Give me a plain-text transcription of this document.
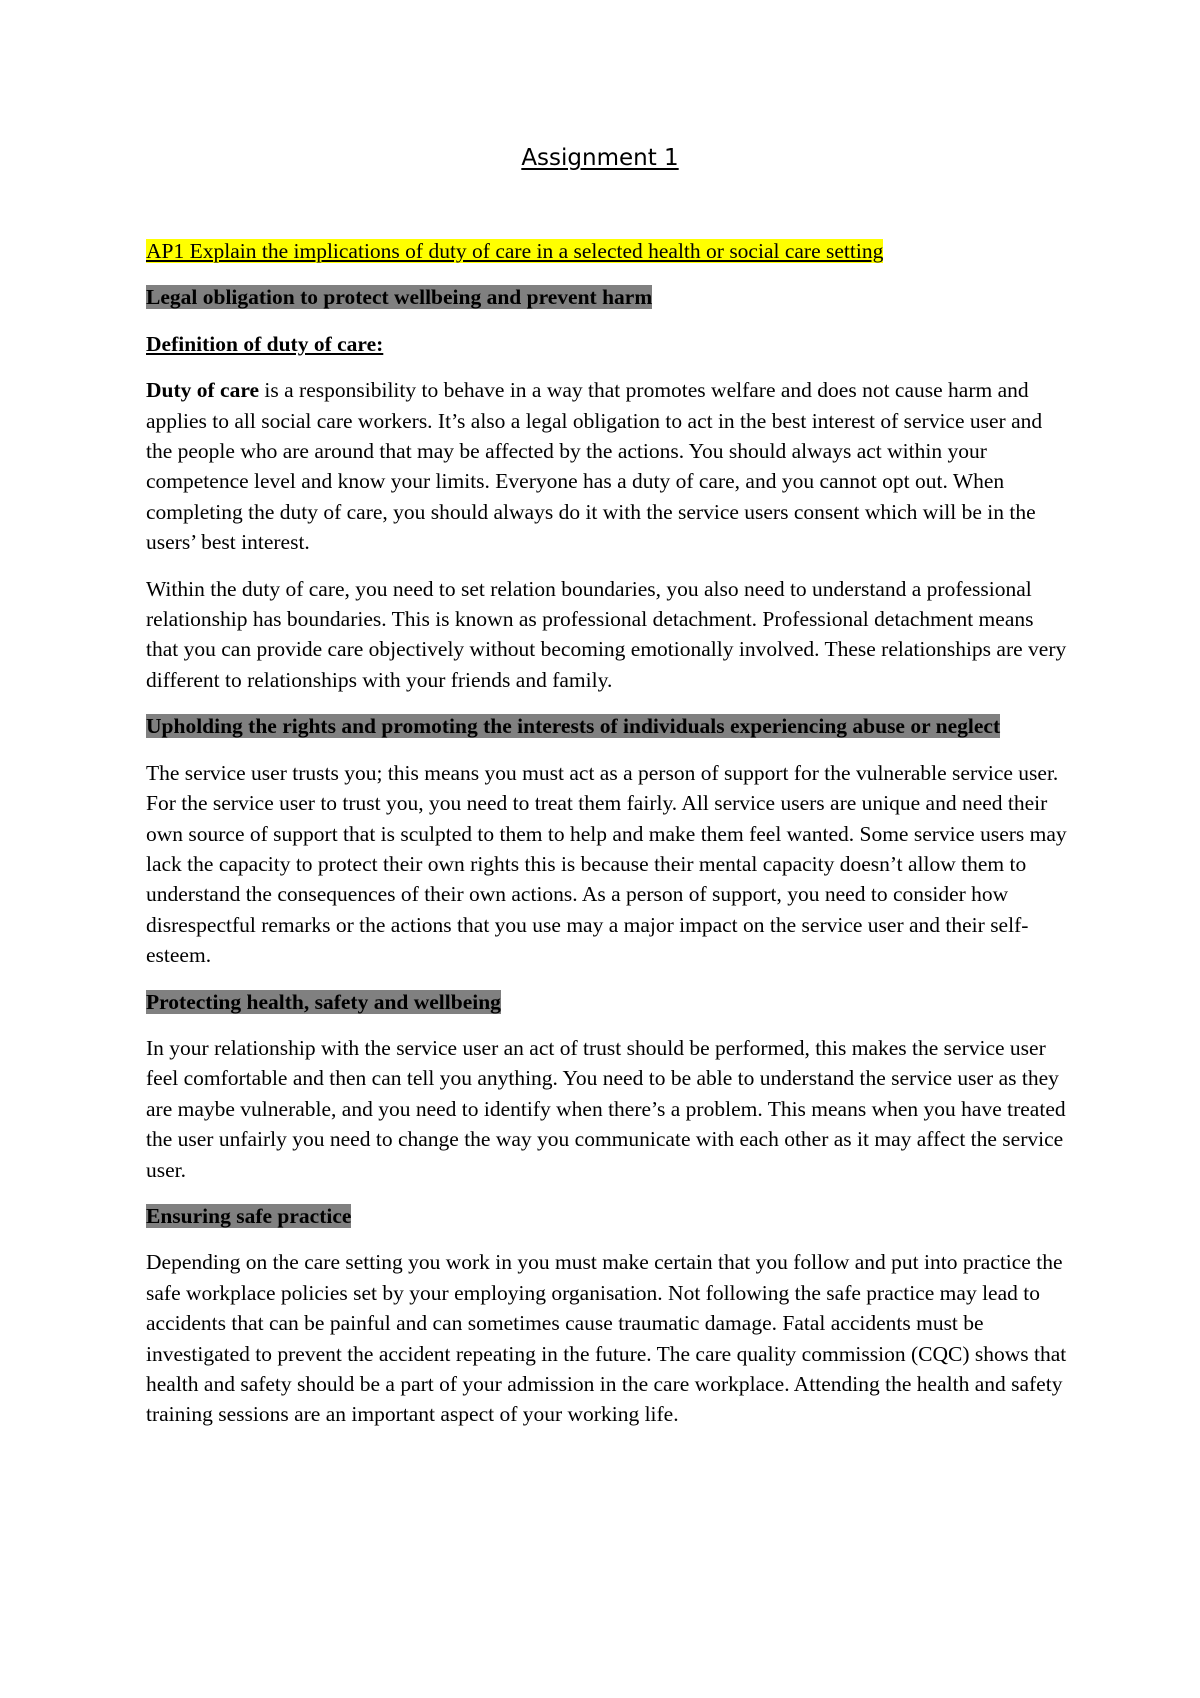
Assignment 1

AP1 Explain the implications of duty of care in a selected health or social care setting

Legal obligation to protect wellbeing and prevent harm

Definition of duty of care:

Duty of care is a responsibility to behave in a way that promotes welfare and does not cause harm and applies to all social care workers. It’s also a legal obligation to act in the best interest of service user and the people who are around that may be affected by the actions. You should always act within your competence level and know your limits. Everyone has a duty of care, and you cannot opt out. When completing the duty of care, you should always do it with the service users consent which will be in the users’ best interest.

Within the duty of care, you need to set relation boundaries, you also need to understand a professional relationship has boundaries. This is known as professional detachment. Professional detachment means that you can provide care objectively without becoming emotionally involved. These relationships are very different to relationships with your friends and family.

Upholding the rights and promoting the interests of individuals experiencing abuse or neglect

The service user trusts you; this means you must act as a person of support for the vulnerable service user. For the service user to trust you, you need to treat them fairly. All service users are unique and need their own source of support that is sculpted to them to help and make them feel wanted. Some service users may lack the capacity to protect their own rights this is because their mental capacity doesn’t allow them to understand the consequences of their own actions. As a person of support, you need to consider how disrespectful remarks or the actions that you use may a major impact on the service user and their self- esteem.

Protecting health, safety and wellbeing

In your relationship with the service user an act of trust should be performed, this makes the service user feel comfortable and then can tell you anything. You need to be able to understand the service user as they are maybe vulnerable, and you need to identify when there’s a problem. This means when you have treated the user unfairly you need to change the way you communicate with each other as it may affect the service user.

Ensuring safe practice

Depending on the care setting you work in you must make certain that you follow and put into practice the safe workplace policies set by your employing organisation. Not following the safe practice may lead to accidents that can be painful and can sometimes cause traumatic damage. Fatal accidents must be investigated to prevent the accident repeating in the future. The care quality commission (CQC) shows that health and safety should be a part of your admission in the care workplace. Attending the health and safety training sessions are an important aspect of your working life.
